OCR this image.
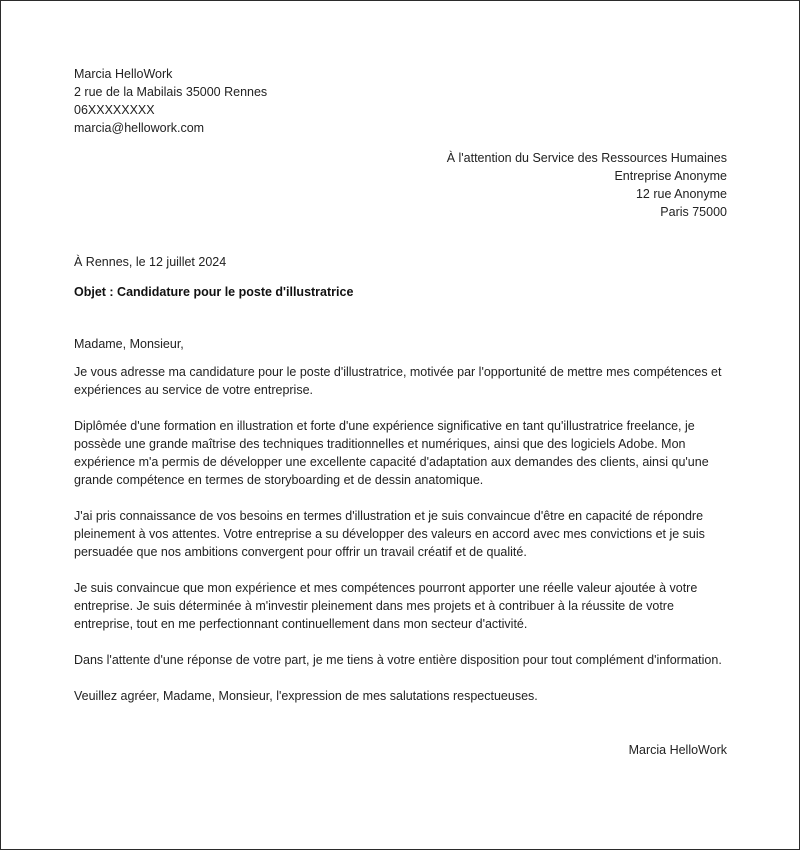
Marcia HelloWork
2 rue de la Mabilais 35000 Rennes
06XXXXXXXX
marcia@hellowork.com
À l'attention du Service des Ressources Humaines
Entreprise Anonyme
12 rue Anonyme
Paris 75000
À Rennes, le 12 juillet 2024
Objet : Candidature pour le poste d'illustratrice
Madame, Monsieur,

Je vous adresse ma candidature pour le poste d'illustratrice, motivée par l'opportunité de mettre mes compétences et expériences au service de votre entreprise.

Diplômée d'une formation en illustration et forte d'une expérience significative en tant qu'illustratrice freelance, je possède une grande maîtrise des techniques traditionnelles et numériques, ainsi que des logiciels Adobe. Mon expérience m'a permis de développer une excellente capacité d'adaptation aux demandes des clients, ainsi qu'une grande compétence en termes de storyboarding et de dessin anatomique.

J'ai pris connaissance de vos besoins en termes d'illustration et je suis convaincue d'être en capacité de répondre pleinement à vos attentes. Votre entreprise a su développer des valeurs en accord avec mes convictions et je suis persuadée que nos ambitions convergent pour offrir un travail créatif et de qualité.

Je suis convaincue que mon expérience et mes compétences pourront apporter une réelle valeur ajoutée à votre entreprise. Je suis déterminée à m'investir pleinement dans mes projets et à contribuer à la réussite de votre entreprise, tout en me perfectionnant continuellement dans mon secteur d'activité.

Dans l'attente d'une réponse de votre part, je me tiens à votre entière disposition pour tout complément d'information.

Veuillez agréer, Madame, Monsieur, l'expression de mes salutations respectueuses.

Marcia HelloWork
